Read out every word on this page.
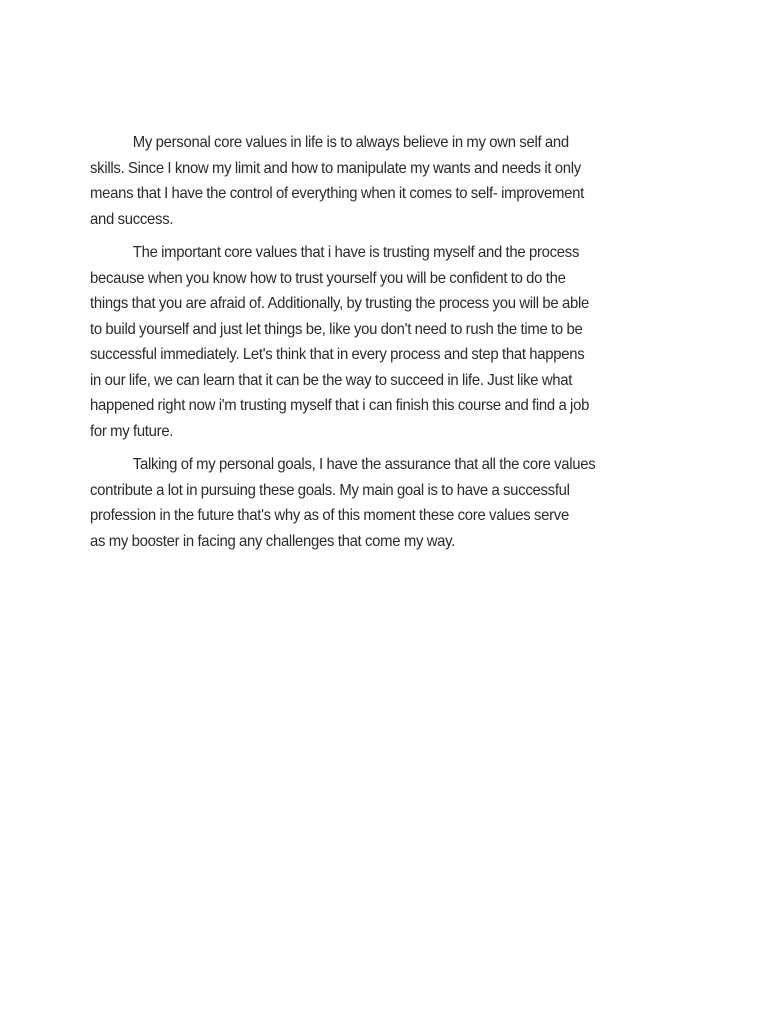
My personal core values in life is to always believe in my own self and
skills. Since I know my limit and how to manipulate my wants and needs it only
means that I have the control of everything when it comes to self- improvement
and success.

The important core values that i have is trusting myself and the process
because when you know how to trust yourself you will be confident to do the
things that you are afraid of. Additionally, by trusting the process you will be able
to build yourself and just let things be, like you don't need to rush the time to be
successful immediately. Let's think that in every process and step that happens
in our life, we can learn that it can be the way to succeed in life. Just like what
happened right now i'm trusting myself that i can finish this course and find a job
for my future.

Talking of my personal goals, I have the assurance that all the core values
contribute a lot in pursuing these goals. My main goal is to have a successful
profession in the future that's why as of this moment these core values serve
as my booster in facing any challenges that come my way.
